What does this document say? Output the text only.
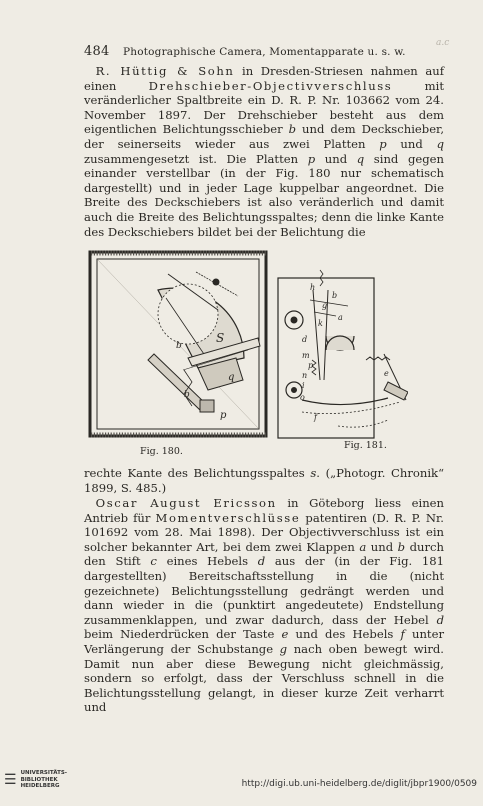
484 Photographische Camera, Momentapparate u. s. w.
a.c

 R. Hüttig & Sohn in Dresden-Striesen nahmen auf einen Drehschieber-Objectivverschluss mit veränderlicher Spaltbreite ein D. R. P. Nr. 103662 vom 24. November 1897. Der Drehschieber besteht aus dem eigentlichen Belichtungsschieber b und dem Deckschieber, der seinerseits wieder aus zwei Platten p und q zusammengesetzt ist. Die Platten p und q sind gegen einander verstellbar (in der Fig. 180 nur schematisch dargestellt) und in jeder Lage kuppelbar angeordnet. Die Breite des Deckschiebers ist also veränderlich und damit auch die Breite des Belichtungsspaltes; denn die linke Kante des Deckschiebers bildet bei der Belichtung die

S
b
b
q
p
h
b
g
a
k
d
m
p
n
i
o
e
f
Fig. 180.
Fig. 181.

rechte Kante des Belichtungsspaltes s. („Photogr. Chronik“ 1899, S. 485.)

 Oscar August Ericsson in Göteborg liess einen Antrieb für Momentverschlüsse patentiren (D. R. P. Nr. 101692 vom 28. Mai 1898). Der Objectivverschluss ist ein solcher bekannter Art, bei dem zwei Klappen a und b durch den Stift c eines Hebels d aus der (in der Fig. 181 dargestellten) Bereitschaftsstellung in die (nicht gezeichnete) Belichtungsstellung gedrängt werden und dann wieder in die (punktirt angedeutete) Endstellung zusammenklappen, und zwar dadurch, dass der Hebel d beim Niederdrücken der Taste e und des Hebels f unter Verlängerung der Schubstange g nach oben bewegt wird. Damit nun aber diese Bewegung nicht gleichmässig, sondern so erfolgt, dass der Verschluss schnell in die Belichtungsstellung gelangt, in dieser kurze Zeit verharrt und

☰ UNIVERSITÄTS-
BIBLIOTHEK
HEIDELBERG	http://digi.ub.uni-heidelberg.de/diglit/jbpr1900/0509
